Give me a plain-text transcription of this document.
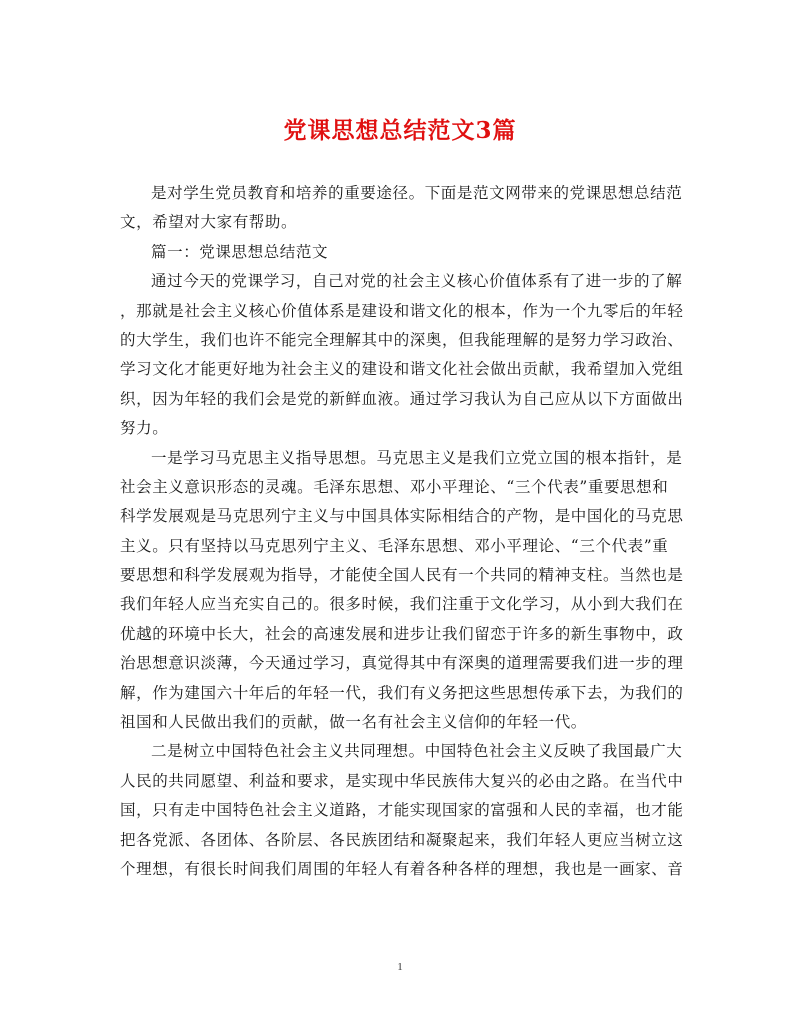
党课思想总结范文3篇
是对学生党员教育和培养的重要途径。下面是范文网带来的党课思想总结范
文，希望对大家有帮助。
篇一：党课思想总结范文
通过今天的党课学习，自己对党的社会主义核心价值体系有了进一步的了解
，那就是社会主义核心价值体系是建设和谐文化的根本，作为一个九零后的年轻
的大学生，我们也许不能完全理解其中的深奥，但我能理解的是努力学习政治、
学习文化才能更好地为社会主义的建设和谐文化社会做出贡献，我希望加入党组
织，因为年轻的我们会是党的新鲜血液。通过学习我认为自己应从以下方面做出
努力。
一是学习马克思主义指导思想。马克思主义是我们立党立国的根本指针，是
社会主义意识形态的灵魂。毛泽东思想、邓小平理论、“三个代表”重要思想和
科学发展观是马克思列宁主义与中国具体实际相结合的产物，是中国化的马克思
主义。只有坚持以马克思列宁主义、毛泽东思想、邓小平理论、“三个代表”重
要思想和科学发展观为指导，才能使全国人民有一个共同的精神支柱。当然也是
我们年轻人应当充实自己的。很多时候，我们注重于文化学习，从小到大我们在
优越的环境中长大，社会的高速发展和进步让我们留恋于许多的新生事物中，政
治思想意识淡薄，今天通过学习，真觉得其中有深奥的道理需要我们进一步的理
解，作为建国六十年后的年轻一代，我们有义务把这些思想传承下去，为我们的
祖国和人民做出我们的贡献，做一名有社会主义信仰的年轻一代。
二是树立中国特色社会主义共同理想。中国特色社会主义反映了我国最广大
人民的共同愿望、利益和要求，是实现中华民族伟大复兴的必由之路。在当代中
国，只有走中国特色社会主义道路，才能实现国家的富强和人民的幸福，也才能
把各党派、各团体、各阶层、各民族团结和凝聚起来，我们年轻人更应当树立这
个理想，有很长时间我们周围的年轻人有着各种各样的理想，我也是一画家、音
1
